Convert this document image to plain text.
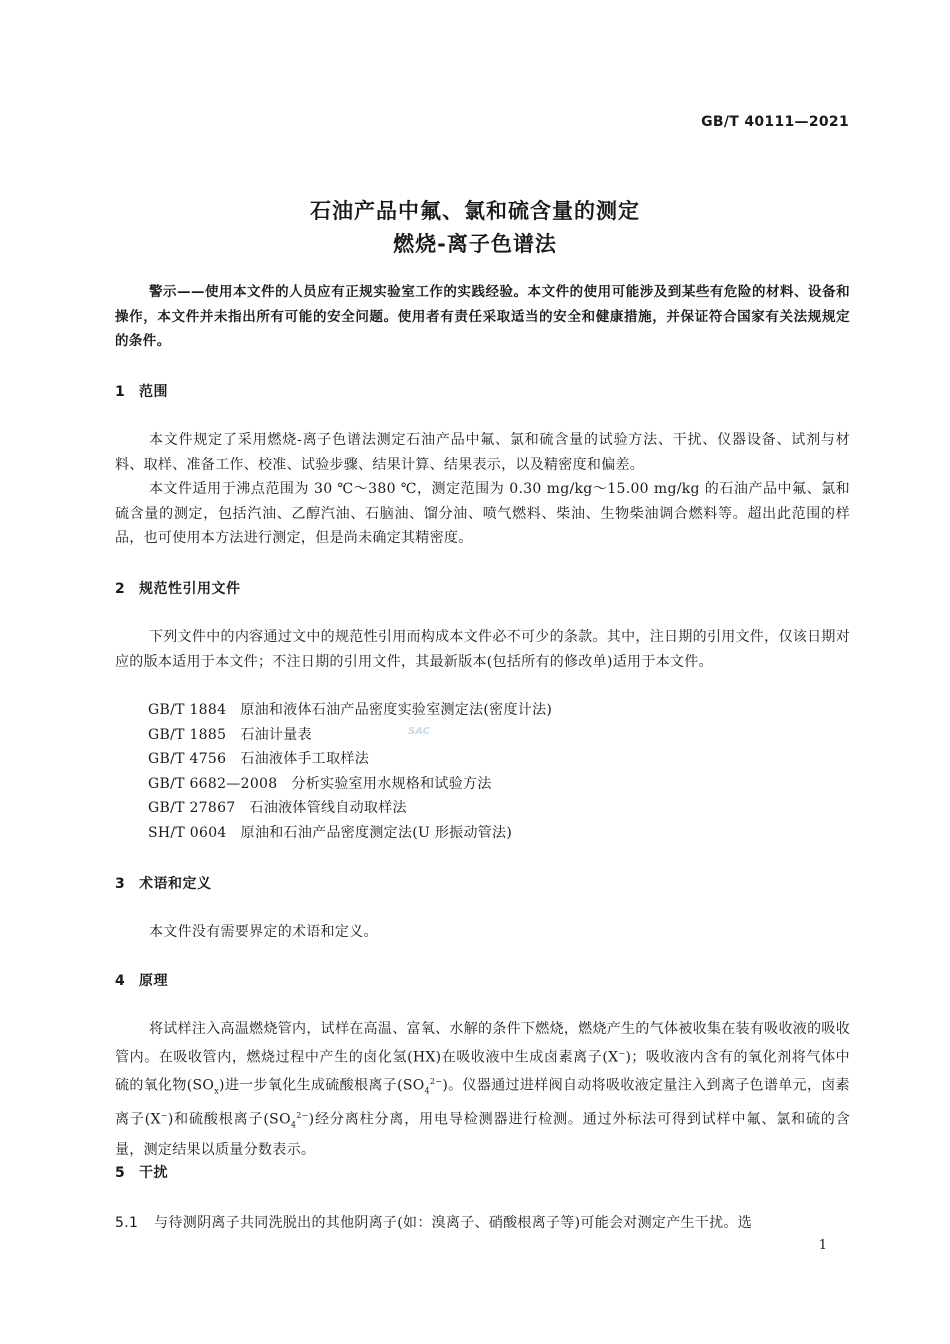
GB/T 40111—2021
石油产品中氟、氯和硫含量的测定
燃烧-离子色谱法
警示——使用本文件的人员应有正规实验室工作的实践经验。本文件的使用可能涉及到某些有危险的材料、设备和操作，本文件并未指出所有可能的安全问题。使用者有责任采取适当的安全和健康措施，并保证符合国家有关法规规定的条件。
1 范围
本文件规定了采用燃烧-离子色谱法测定石油产品中氟、氯和硫含量的试验方法、干扰、仪器设备、试剂与材料、取样、准备工作、校准、试验步骤、结果计算、结果表示，以及精密度和偏差。
本文件适用于沸点范围为 30 ℃～380 ℃，测定范围为 0.30 mg/kg～15.00 mg/kg 的石油产品中氟、氯和硫含量的测定，包括汽油、乙醇汽油、石脑油、馏分油、喷气燃料、柴油、生物柴油调合燃料等。超出此范围的样品，也可使用本方法进行测定，但是尚未确定其精密度。
2 规范性引用文件
下列文件中的内容通过文中的规范性引用而构成本文件必不可少的条款。其中，注日期的引用文件，仅该日期对应的版本适用于本文件；不注日期的引用文件，其最新版本(包括所有的修改单)适用于本文件。
GB/T 1884 原油和液体石油产品密度实验室测定法(密度计法)
GB/T 1885 石油计量表
GB/T 4756 石油液体手工取样法
GB/T 6682—2008 分析实验室用水规格和试验方法
GB/T 27867 石油液体管线自动取样法
SH/T 0604 原油和石油产品密度测定法(U 形振动管法)
SAC
3 术语和定义
本文件没有需要界定的术语和定义。
4 原理
将试样注入高温燃烧管内，试样在高温、富氧、水解的条件下燃烧，燃烧产生的气体被收集在装有吸收液的吸收管内。在吸收管内，燃烧过程中产生的卤化氢(HX)在吸收液中生成卤素离子(X−)；吸收液内含有的氧化剂将气体中硫的氧化物$(SO_x)$进一步氧化生成硫酸根离子$(SO_4^{2-})$。仪器通过进样阀自动将吸收液定量注入到离子色谱单元，卤素离子(X−)和硫酸根离子$(SO_4^{2-})$经分离柱分离，用电导检测器进行检测。通过外标法可得到试样中氟、氯和硫的含量，测定结果以质量分数表示。
5 干扰
5.1 与待测阴离子共同洗脱出的其他阴离子(如：溴离子、硝酸根离子等)可能会对测定产生干扰。选
1
